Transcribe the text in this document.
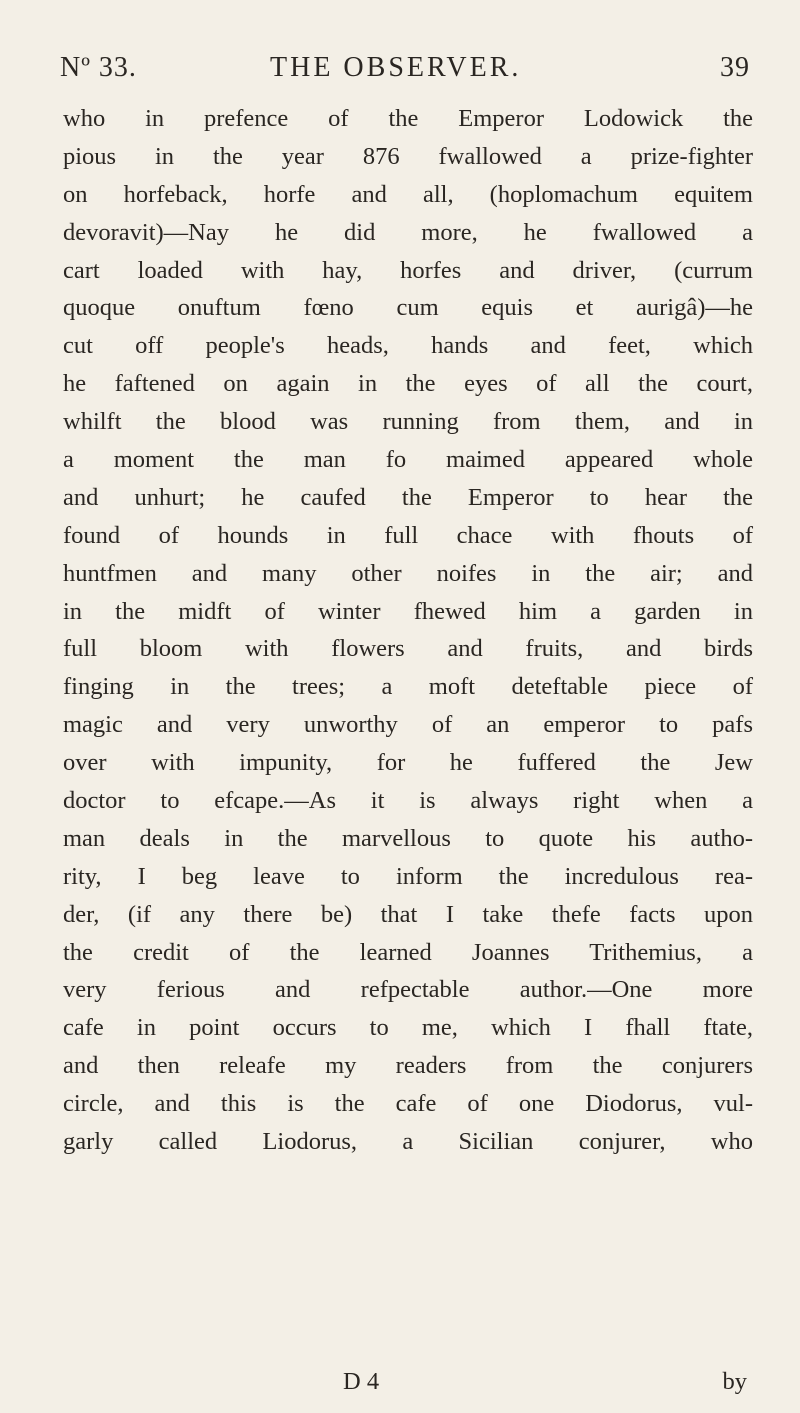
Nº 33.	THE OBSERVER.	39
who in prefence of the Emperor Lodowick the
pious in the year 876 fwallowed a prize-fighter
on horfeback, horfe and all, (hoplomachum equitem
devoravit)—Nay he did more, he fwallowed a
cart loaded with hay, horfes and driver, (currum
quoque onuftum fœno cum equis et aurigâ)—he
cut off people's heads, hands and feet, which
he faftened on again in the eyes of all the court,
whilft the blood was running from them, and in
a moment the man fo maimed appeared whole
and unhurt; he caufed the Emperor to hear the
found of hounds in full chace with fhouts of
huntfmen and many other noifes in the air; and
in the midft of winter fhewed him a garden in
full bloom with flowers and fruits, and birds
finging in the trees; a moft deteftable piece of
magic and very unworthy of an emperor to pafs
over with impunity, for he fuffered the Jew
doctor to efcape.—As it is always right when a
man deals in the marvellous to quote his autho-
rity, I beg leave to inform the incredulous rea-
der, (if any there be) that I take thefe facts upon
the credit of the learned Joannes Trithemius, a
very ferious and refpectable author.—One more
cafe in point occurs to me, which I fhall ftate,
and then releafe my readers from the conjurers
circle, and this is the cafe of one Diodorus, vul-
garly called Liodorus, a Sicilian conjurer, who
D 4	by
